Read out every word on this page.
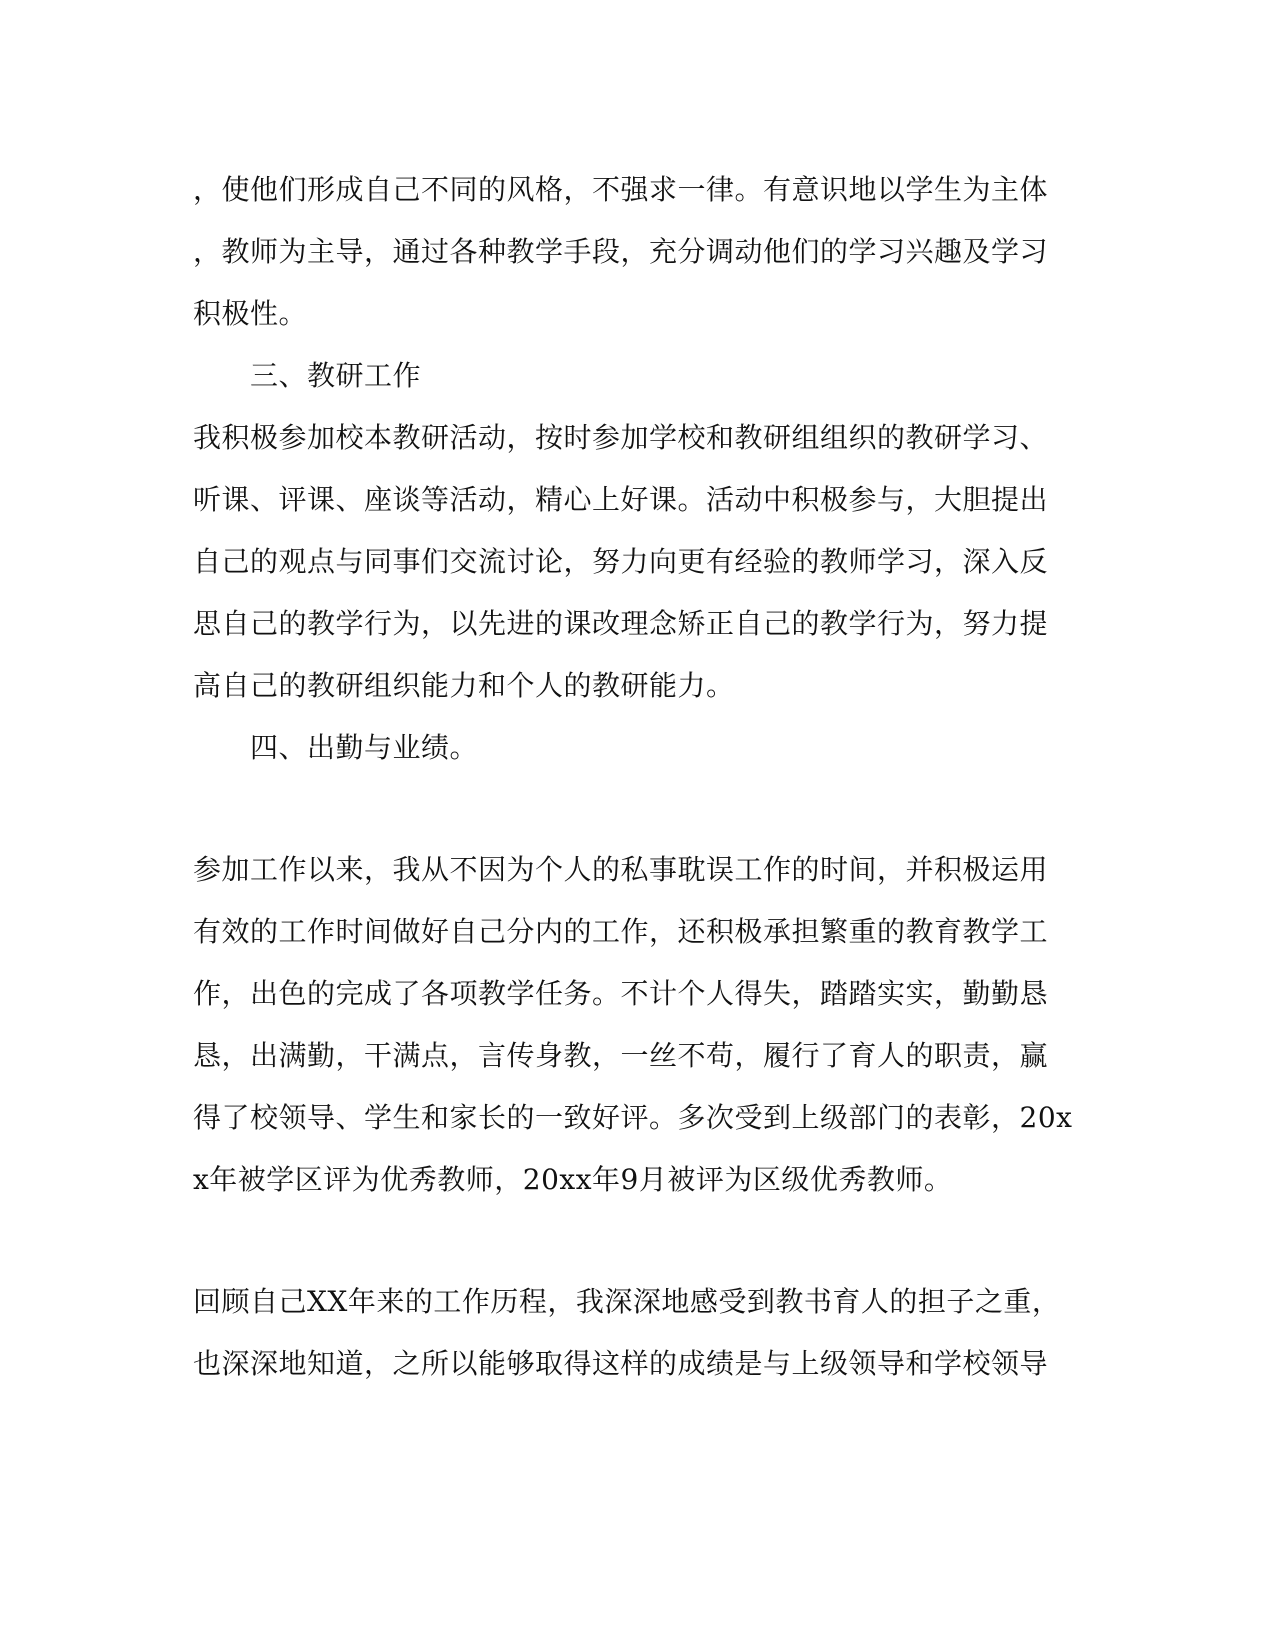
，使他们形成自己不同的风格，不强求一律。有意识地以学生为主体
，教师为主导，通过各种教学手段，充分调动他们的学习兴趣及学习
积极性。
三、教研工作
我积极参加校本教研活动，按时参加学校和教研组组织的教研学习、
听课、评课、座谈等活动，精心上好课。活动中积极参与，大胆提出
自己的观点与同事们交流讨论，努力向更有经验的教师学习，深入反
思自己的教学行为，以先进的课改理念矫正自己的教学行为，努力提
高自己的教研组织能力和个人的教研能力。
四、出勤与业绩。
参加工作以来，我从不因为个人的私事耽误工作的时间，并积极运用
有效的工作时间做好自己分内的工作，还积极承担繁重的教育教学工
作，出色的完成了各项教学任务。不计个人得失，踏踏实实，勤勤恳
恳，出满勤，干满点，言传身教，一丝不苟，履行了育人的职责，赢
得了校领导、学生和家长的一致好评。多次受到上级部门的表彰，20x
x年被学区评为优秀教师，20xx年9月被评为区级优秀教师。
回顾自己XX年来的工作历程，我深深地感受到教书育人的担子之重，
也深深地知道，之所以能够取得这样的成绩是与上级领导和学校领导
